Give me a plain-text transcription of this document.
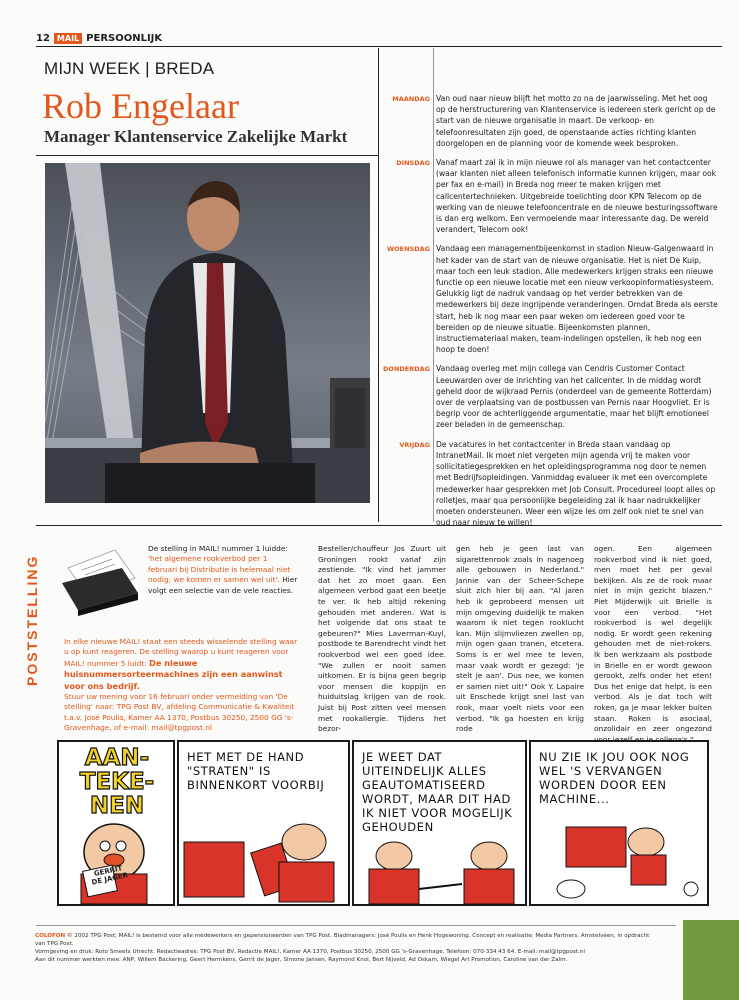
12 MAIL PERSOONLIJK
MIJN WEEK | BREDA
Rob Engelaar
Manager Klantenservice Zakelijke Markt
MAANDAG Van oud naar nieuw blijft het motto zo na de jaarwisseling. Met het oog op de herstructurering van Klantenservice is iedereen sterk gericht op de start van de nieuwe organisatie in maart. De verkoop- en telefoonresultaten zijn goed, de openstaande acties richting klanten doorgelopen en de planning voor de komende week besproken.
DINSDAG Vanaf maart zal ik in mijn nieuwe rol als manager van het contactcenter (waar klanten niet alleen telefonisch informatie kunnen krijgen, maar ook per fax en e-mail) in Breda nog meer te maken krijgen met callcentertechnieken. Uitgebreide toelichting door KPN Telecom op de werking van de nieuwe telefooncentrale en de nieuwe besturingssoftware is dan erg welkom. Een vermoeiende maar interessante dag. De wereld verandert, Telecom ook!
WOENSDAG Vandaag een managementbijeenkomst in stadion Nieuw-Galgenwaard in het kader van de start van de nieuwe organisatie. Het is niet De Kuip, maar toch een leuk stadion. Alle medewerkers krijgen straks een nieuwe functie op een nieuwe locatie met een nieuw verkoopinformatiesysteem. Gelukkig ligt de nadruk vandaag op het verder betrekken van de medewerkers bij deze ingrijpende veranderingen. Omdat Breda als eerste start, heb ik nog maar een paar weken om iedereen goed voor te bereiden op de nieuwe situatie. Bijeenkomsten plannen, instructiemateriaal maken, team-indelingen opstellen, ik heb nog een hoop te doen!
DONDERDAG Vandaag overleg met mijn collega van Cendris Customer Contact Leeuwarden over de inrichting van het callcenter. In de middag wordt geheld door de wijkraad Pernis (onderdeel van de gemeente Rotterdam) over de verplaatsing van de postbussen van Pernis naar Hoogvliet. Er is begrip voor de achterliggende argumentatie, maar het blijft emotioneel zeer beladen in de gemeenschap.
VRIJDAG De vacatures in het contactcenter in Breda staan vandaag op IntranetMail. Ik moet niet vergeten mijn agenda vrij te maken voor sollicitatiegesprekken en het opleidingsprogramma nog door te nemen met Bedrijfsopleidingen. Vanmiddag evalueer ik met een overcomplete medewerker haar gesprekken met Job Consult. Procedureel loopt alles op rolletjes, maar qua persoonlijke begeleiding zal ik haar nadrukkelijker moeten ondersteunen. Weer een wijze les om zelf ook niet te snel van oud naar nieuw te willen!
POSTSTELLING
De stelling in MAIL! nummer 1 luidde: 'het algemene rookverbod per 1 februari bij Distributie is helemaal niet nodig; we komen er samen wel uit'. Hier volgt een selectie van de vele reacties.
In elke nieuwe MAIL! staat een steeds wisselende stelling waar u op kunt reageren. De stelling waarop u kunt reageren voor MAIL! nummer 5 luidt: De nieuwe huisnummersorteermachines zijn een aanwinst voor ons bedrijf.
Stuur uw mening voor 16 februari onder vermelding van 'De stelling' naar: TPG Post BV, afdeling Communicatie & Kwaliteit t.a.v. José Poulis, Kamer AA 1370, Postbus 30250, 2500 GG 's-Gravenhage, of e-mail: mail@tpgpost.nl
Besteller/chauffeur Jos Zuurt uit Groningen rookt vanaf zijn zestiende. "Ik vind het jammer dat het zo moet gaan. Een algemeen verbod gaat een beetje te ver. Ik heb altijd rekening gehouden met anderen. Wat is het volgende dat ons staat te gebeuren?" Mies Laverman-Kuyl, postbode te Barendrecht vindt het rookverbod wel een goed idee. "We zullen er nooit samen uitkomen. Er is bijna geen begrip voor mensen die koppijn en huiduitslag krijgen van de rook. Juist bij Post zitten veel mensen met rookallergie. Tijdens het bezor-
gen heb je geen last van sigarettenrook zoals in nagenoeg alle gebouwen in Nederland." Jannie van der Scheer-Schepe sluit zich hier bij aan. "Al jaren heb ik geprobeerd mensen uit mijn omgeving duidelijk te maken waarom ik niet tegen rooklucht kan. Mijn slijmvliezen zwellen op, mijn ogen gaan tranen, etcetera. Soms is er wel mee te leven, maar vaak wordt er gezegd: 'je stelt je aan'. Dus nee, we komen er samen niet uit!" Ook Y. Lapaire uit Enschede krijgt snel last van rook, maar voelt niets voor een verbod. "Ik ga hoesten en krijg rode
ogen. Een algemeen rookverbod vind ik niet goed, men moet het per geval bekijken. Als ze de rook maar niet in mijn gezicht blazen." Piet Mijderwijk uit Brielle is voor een verbod. "Het rookverbod is wel degelijk nodig. Er wordt geen rekening gehouden met de niet-rokers. Ik ben werkzaam als postbode in Brielle en er wordt gewoon gerookt, zelfs onder het eten! Dus het enige dat helpt, is een verbod. Als je dat toch wilt roken, ga je maar lekker buiten staan. Roken is asociaal, onzolidair en zeer ongezond
AAN-
TEKE-
NEN
GERRIT DE JAGER
HET MET DE HAND "STRATEN" IS BINNENKORT VOORBIJ
JE WEET DAT UITEINDELIJK ALLES GEAUTOMATISEERD WORDT, MAAR DIT HAD IK NIET VOOR MOGELIJK GEHOUDEN
NU ZIE IK JOU OOK NOG WEL 'S VERVANGEN WORDEN DOOR EEN MACHINE...
COLOFON © 2002 TPG Post; MAIL! is bestemd voor alle medewerkers en gepensioneerden van TPG Post. Bladmanagers: José Poulis en Henk Hogewoning. Concept en realisatie: Media Partners, Amstelveen, in opdracht van TPG Post.
Vormgeving en druk: Roto Smeets Utrecht. Redactieadres: TPG Post BV, Redactie MAIL!, Kamer AA 1370, Postbus 30250, 2500 GG 's-Gravenhage. Telefoon: 070-334 43 64. E-mail: mail@tpgpost.nl
Aan dit nummer werkten mee: ANP, Willem Backering, Geert Hermkens, Gerrit de Jager, Simone Jansen, Raymond Knol, Bert Nijveld, Ad Oskam, Wiegel Art Promotion, Caroline van der Zalm.
